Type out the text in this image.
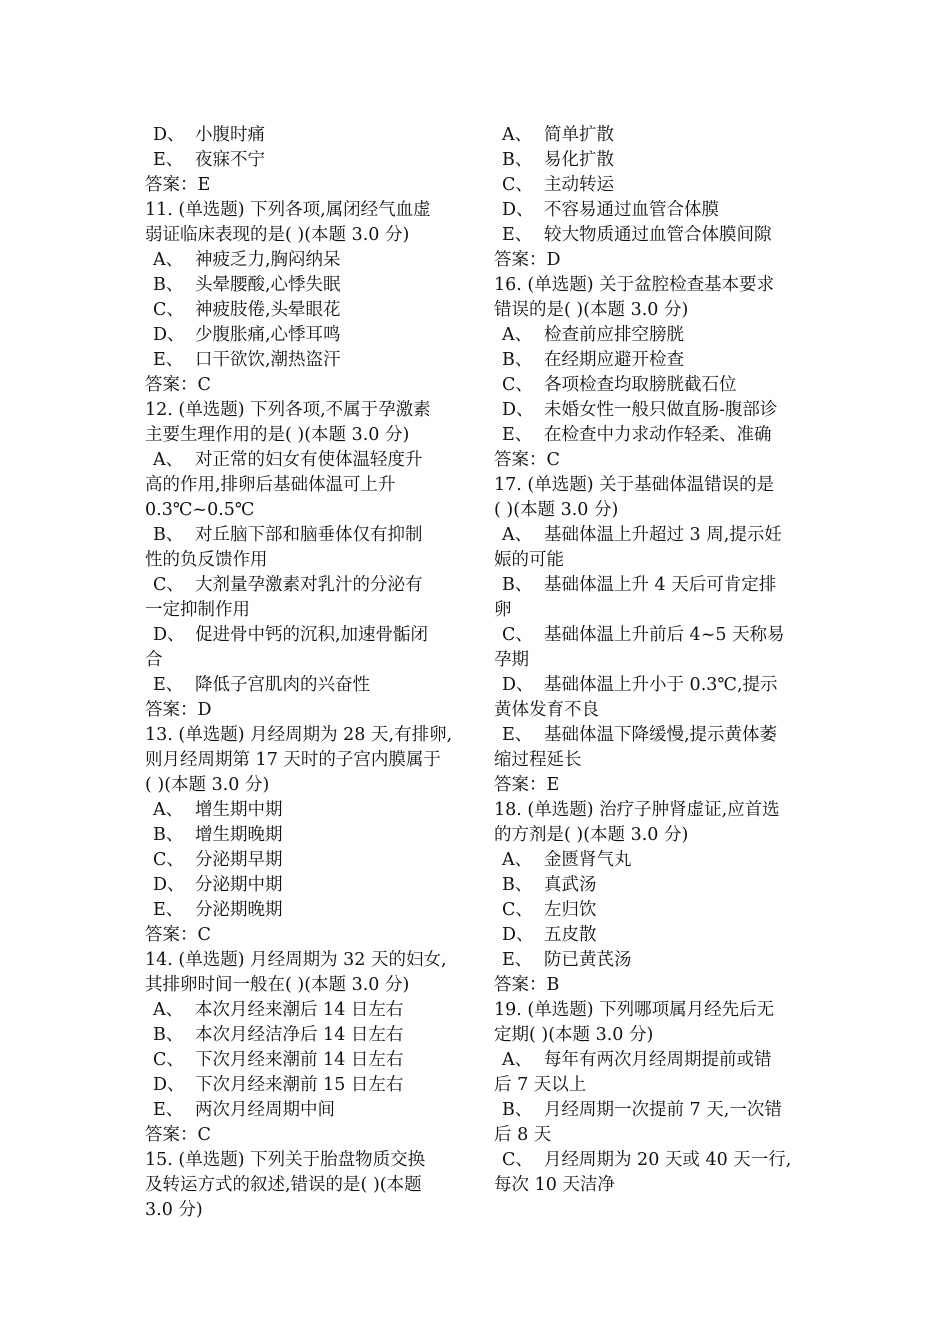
D、 小腹时痛
E、 夜寐不宁
答案：E
11. (单选题) 下列各项,属闭经气血虚
弱证临床表现的是( )(本题 3.0 分)
A、 神疲乏力,胸闷纳呆
B、 头晕腰酸,心悸失眠
C、 神疲肢倦,头晕眼花
D、 少腹胀痛,心悸耳鸣
E、 口干欲饮,潮热盗汗
答案：C
12. (单选题) 下列各项,不属于孕激素
主要生理作用的是( )(本题 3.0 分)
A、 对正常的妇女有使体温轻度升
高的作用,排卵后基础体温可上升
0.3℃~0.5℃
B、 对丘脑下部和脑垂体仅有抑制
性的负反馈作用
C、 大剂量孕激素对乳汁的分泌有
一定抑制作用
D、 促进骨中钙的沉积,加速骨骺闭
合
E、 降低子宫肌肉的兴奋性
答案：D
13. (单选题) 月经周期为 28 天,有排卵,
则月经周期第 17 天时的子宫内膜属于
( )(本题 3.0 分)
A、 增生期中期
B、 增生期晚期
C、 分泌期早期
D、 分泌期中期
E、 分泌期晚期
答案：C
14. (单选题) 月经周期为 32 天的妇女,
其排卵时间一般在( )(本题 3.0 分)
A、 本次月经来潮后 14 日左右
B、 本次月经洁净后 14 日左右
C、 下次月经来潮前 14 日左右
D、 下次月经来潮前 15 日左右
E、 两次月经周期中间
答案：C
15. (单选题) 下列关于胎盘物质交换
及转运方式的叙述,错误的是( )(本题
3.0 分)
A、 简单扩散
B、 易化扩散
C、 主动转运
D、 不容易通过血管合体膜
E、 较大物质通过血管合体膜间隙
答案：D
16. (单选题) 关于盆腔检查基本要求
错误的是( )(本题 3.0 分)
A、 检查前应排空膀胱
B、 在经期应避开检查
C、 各项检查均取膀胱截石位
D、 未婚女性一般只做直肠-腹部诊
E、 在检查中力求动作轻柔、准确
答案：C
17. (单选题) 关于基础体温错误的是
( )(本题 3.0 分)
A、 基础体温上升超过 3 周,提示妊
娠的可能
B、 基础体温上升 4 天后可肯定排
卵
C、 基础体温上升前后 4~5 天称易
孕期
D、 基础体温上升小于 0.3℃,提示
黄体发育不良
E、 基础体温下降缓慢,提示黄体萎
缩过程延长
答案：E
18. (单选题) 治疗子肿肾虚证,应首选
的方剂是( )(本题 3.0 分)
A、 金匮肾气丸
B、 真武汤
C、 左归饮
D、 五皮散
E、 防已黄芪汤
答案：B
19. (单选题) 下列哪项属月经先后无
定期( )(本题 3.0 分)
A、 每年有两次月经周期提前或错
后 7 天以上
B、 月经周期一次提前 7 天,一次错
后 8 天
C、 月经周期为 20 天或 40 天一行,
每次 10 天洁净
